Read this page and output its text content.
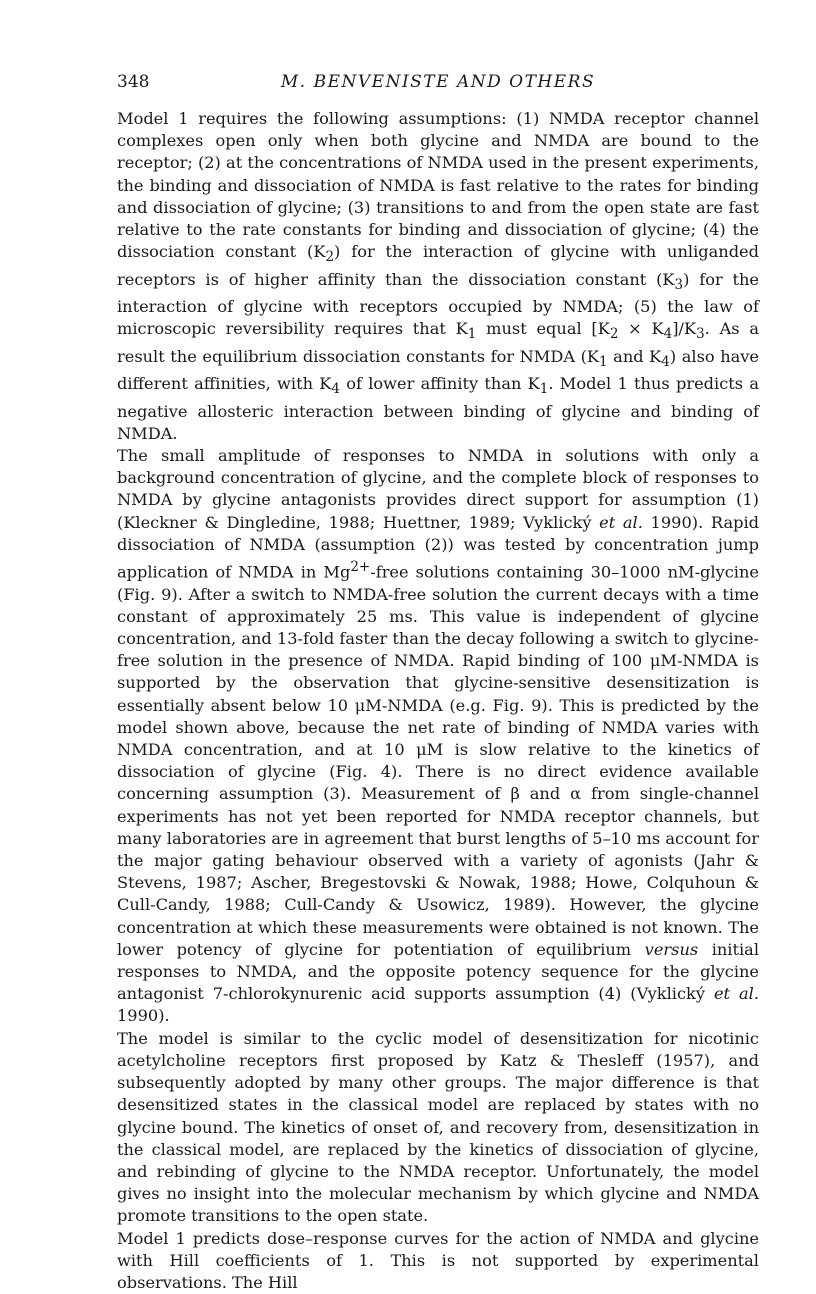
348	M. BENVENISTE AND OTHERS

Model 1 requires the following assumptions: (1) NMDA receptor channel complexes open only when both glycine and NMDA are bound to the receptor; (2) at the concentrations of NMDA used in the present experiments, the binding and dissociation of NMDA is fast relative to the rates for binding and dissociation of glycine; (3) transitions to and from the open state are fast relative to the rate constants for binding and dissociation of glycine; (4) the dissociation constant $(K_2)$ for the interaction of glycine with unliganded receptors is of higher affinity than the dissociation constant $(K_3)$ for the interaction of glycine with receptors occupied by NMDA; (5) the law of microscopic reversibility requires that $K_1$ must equal $[K_2 \times K_4]/K_3$. As a result the equilibrium dissociation constants for NMDA ($K_1$ and $K_4$) also have different affinities, with $K_4$ of lower affinity than $K_1$. Model 1 thus predicts a negative allosteric interaction between binding of glycine and binding of NMDA.

The small amplitude of responses to NMDA in solutions with only a background concentration of glycine, and the complete block of responses to NMDA by glycine antagonists provides direct support for assumption (1) (Kleckner & Dingledine, 1988; Huettner, 1989; Vyklický et al. 1990). Rapid dissociation of NMDA (assumption (2)) was tested by concentration jump application of NMDA in $Mg^{2+}$-free solutions containing 30–1000 nM-glycine (Fig. 9). After a switch to NMDA-free solution the current decays with a time constant of approximately 25 ms. This value is independent of glycine concentration, and 13-fold faster than the decay following a switch to glycine-free solution in the presence of NMDA. Rapid binding of 100 μM-NMDA is supported by the observation that glycine-sensitive desensitization is essentially absent below 10 μM-NMDA (e.g. Fig. 9). This is predicted by the model shown above, because the net rate of binding of NMDA varies with NMDA concentration, and at 10 μM is slow relative to the kinetics of dissociation of glycine (Fig. 4). There is no direct evidence available concerning assumption (3). Measurement of β and α from single-channel experiments has not yet been reported for NMDA receptor channels, but many laboratories are in agreement that burst lengths of 5–10 ms account for the major gating behaviour observed with a variety of agonists (Jahr & Stevens, 1987; Ascher, Bregestovski & Nowak, 1988; Howe, Colquhoun & Cull-Candy, 1988; Cull-Candy & Usowicz, 1989). However, the glycine concentration at which these measurements were obtained is not known. The lower potency of glycine for potentiation of equilibrium versus initial responses to NMDA, and the opposite potency sequence for the glycine antagonist 7-chlorokynurenic acid supports assumption (4) (Vyklický et al. 1990).

The model is similar to the cyclic model of desensitization for nicotinic acetylcholine receptors first proposed by Katz & Thesleff (1957), and subsequently adopted by many other groups. The major difference is that desensitized states in the classical model are replaced by states with no glycine bound. The kinetics of onset of, and recovery from, desensitization in the classical model, are replaced by the kinetics of dissociation of glycine, and rebinding of glycine to the NMDA receptor. Unfortunately, the model gives no insight into the molecular mechanism by which glycine and NMDA promote transitions to the open state.

Model 1 predicts dose–response curves for the action of NMDA and glycine with Hill coefficients of 1. This is not supported by experimental observations. The Hill
